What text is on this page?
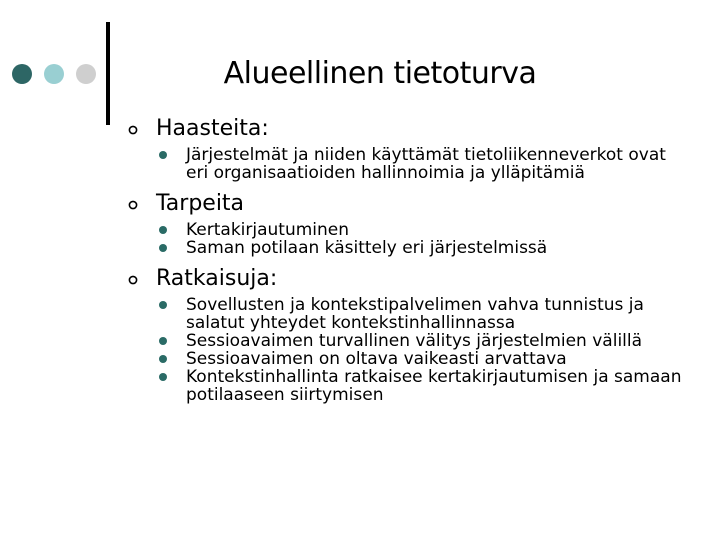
Alueellinen tietoturva
Haasteita:
Järjestelmät ja niiden käyttämät tietoliikenneverkot ovat eri organisaatioiden hallinnoimia ja ylläpitämiä
Tarpeita
Kertakirjautuminen
Saman potilaan käsittely eri järjestelmissä
Ratkaisuja:
Sovellusten ja kontekstipalvelimen vahva tunnistus ja salatut yhteydet kontekstinhallinnassa
Sessioavaimen turvallinen välitys järjestelmien välillä
Sessioavaimen on oltava vaikeasti arvattava
Kontekstinhallinta ratkaisee kertakirjautumisen ja samaan potilaaseen siirtymisen
